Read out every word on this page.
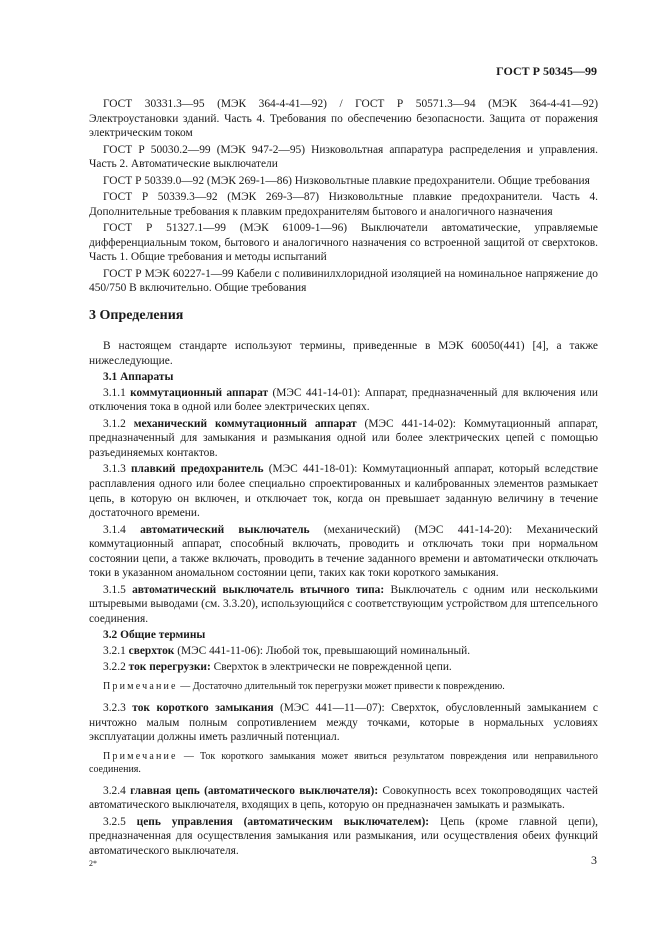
ГОСТ Р 50345—99

ГОСТ 30331.3—95 (МЭК 364-4-41—92) / ГОСТ Р 50571.3—94 (МЭК 364-4-41—92) Электроустановки зданий. Часть 4. Требования по обеспечению безопасности. Защита от поражения электрическим током

ГОСТ Р 50030.2—99 (МЭК 947-2—95) Низковольтная аппаратура распределения и управления. Часть 2. Автоматические выключатели

ГОСТ Р 50339.0—92 (МЭК 269-1—86) Низковольтные плавкие предохранители. Общие требования

ГОСТ Р 50339.3—92 (МЭК 269-3—87) Низковольтные плавкие предохранители. Часть 4. Дополнительные требования к плавким предохранителям бытового и аналогичного назначения

ГОСТ Р 51327.1—99 (МЭК 61009-1—96) Выключатели автоматические, управляемые дифференциальным током, бытового и аналогичного назначения со встроенной защитой от сверхтоков. Часть 1. Общие требования и методы испытаний

ГОСТ Р МЭК 60227-1—99 Кабели с поливинилхлоридной изоляцией на номинальное напряжение до 450/750 В включительно. Общие требования

3 Определения

В настоящем стандарте используют термины, приведенные в МЭК 60050(441) [4], а также нижеследующие.

3.1 Аппараты

3.1.1 коммутационный аппарат (МЭС 441-14-01): Аппарат, предназначенный для включения или отключения тока в одной или более электрических цепях.

3.1.2 механический коммутационный аппарат (МЭС 441-14-02): Коммутационный аппарат, предназначенный для замыкания и размыкания одной или более электрических цепей с помощью разъединяемых контактов.

3.1.3 плавкий предохранитель (МЭС 441-18-01): Коммутационный аппарат, который вследствие расплавления одного или более специально спроектированных и калиброванных элементов размыкает цепь, в которую он включен, и отключает ток, когда он превышает заданную величину в течение достаточного времени.

3.1.4 автоматический выключатель (механический) (МЭС 441-14-20): Механический коммутационный аппарат, способный включать, проводить и отключать токи при нормальном состоянии цепи, а также включать, проводить в течение заданного времени и автоматически отключать токи в указанном аномальном состоянии цепи, таких как токи короткого замыкания.

3.1.5 автоматический выключатель втычного типа: Выключатель с одним или несколькими штыревыми выводами (см. 3.3.20), использующийся с соответствующим устройством для штепсельного соединения.

3.2 Общие термины

3.2.1 сверхток (МЭС 441-11-06): Любой ток, превышающий номинальный.

3.2.2 ток перегрузки: Сверхток в электрически не поврежденной цепи.

Примечание — Достаточно длительный ток перегрузки может привести к повреждению.

3.2.3 ток короткого замыкания (МЭС 441—11—07): Сверхток, обусловленный замыканием с ничтожно малым полным сопротивлением между точками, которые в нормальных условиях эксплуатации должны иметь различный потенциал.

Примечание — Ток короткого замыкания может явиться результатом повреждения или неправильного соединения.

3.2.4 главная цепь (автоматического выключателя): Совокупность всех токопроводящих частей автоматического выключателя, входящих в цепь, которую он предназначен замыкать и размыкать.

3.2.5 цепь управления (автоматическим выключателем): Цепь (кроме главной цепи), предназначенная для осуществления замыкания или размыкания, или осуществления обеих функций автоматического выключателя.

2*	3
